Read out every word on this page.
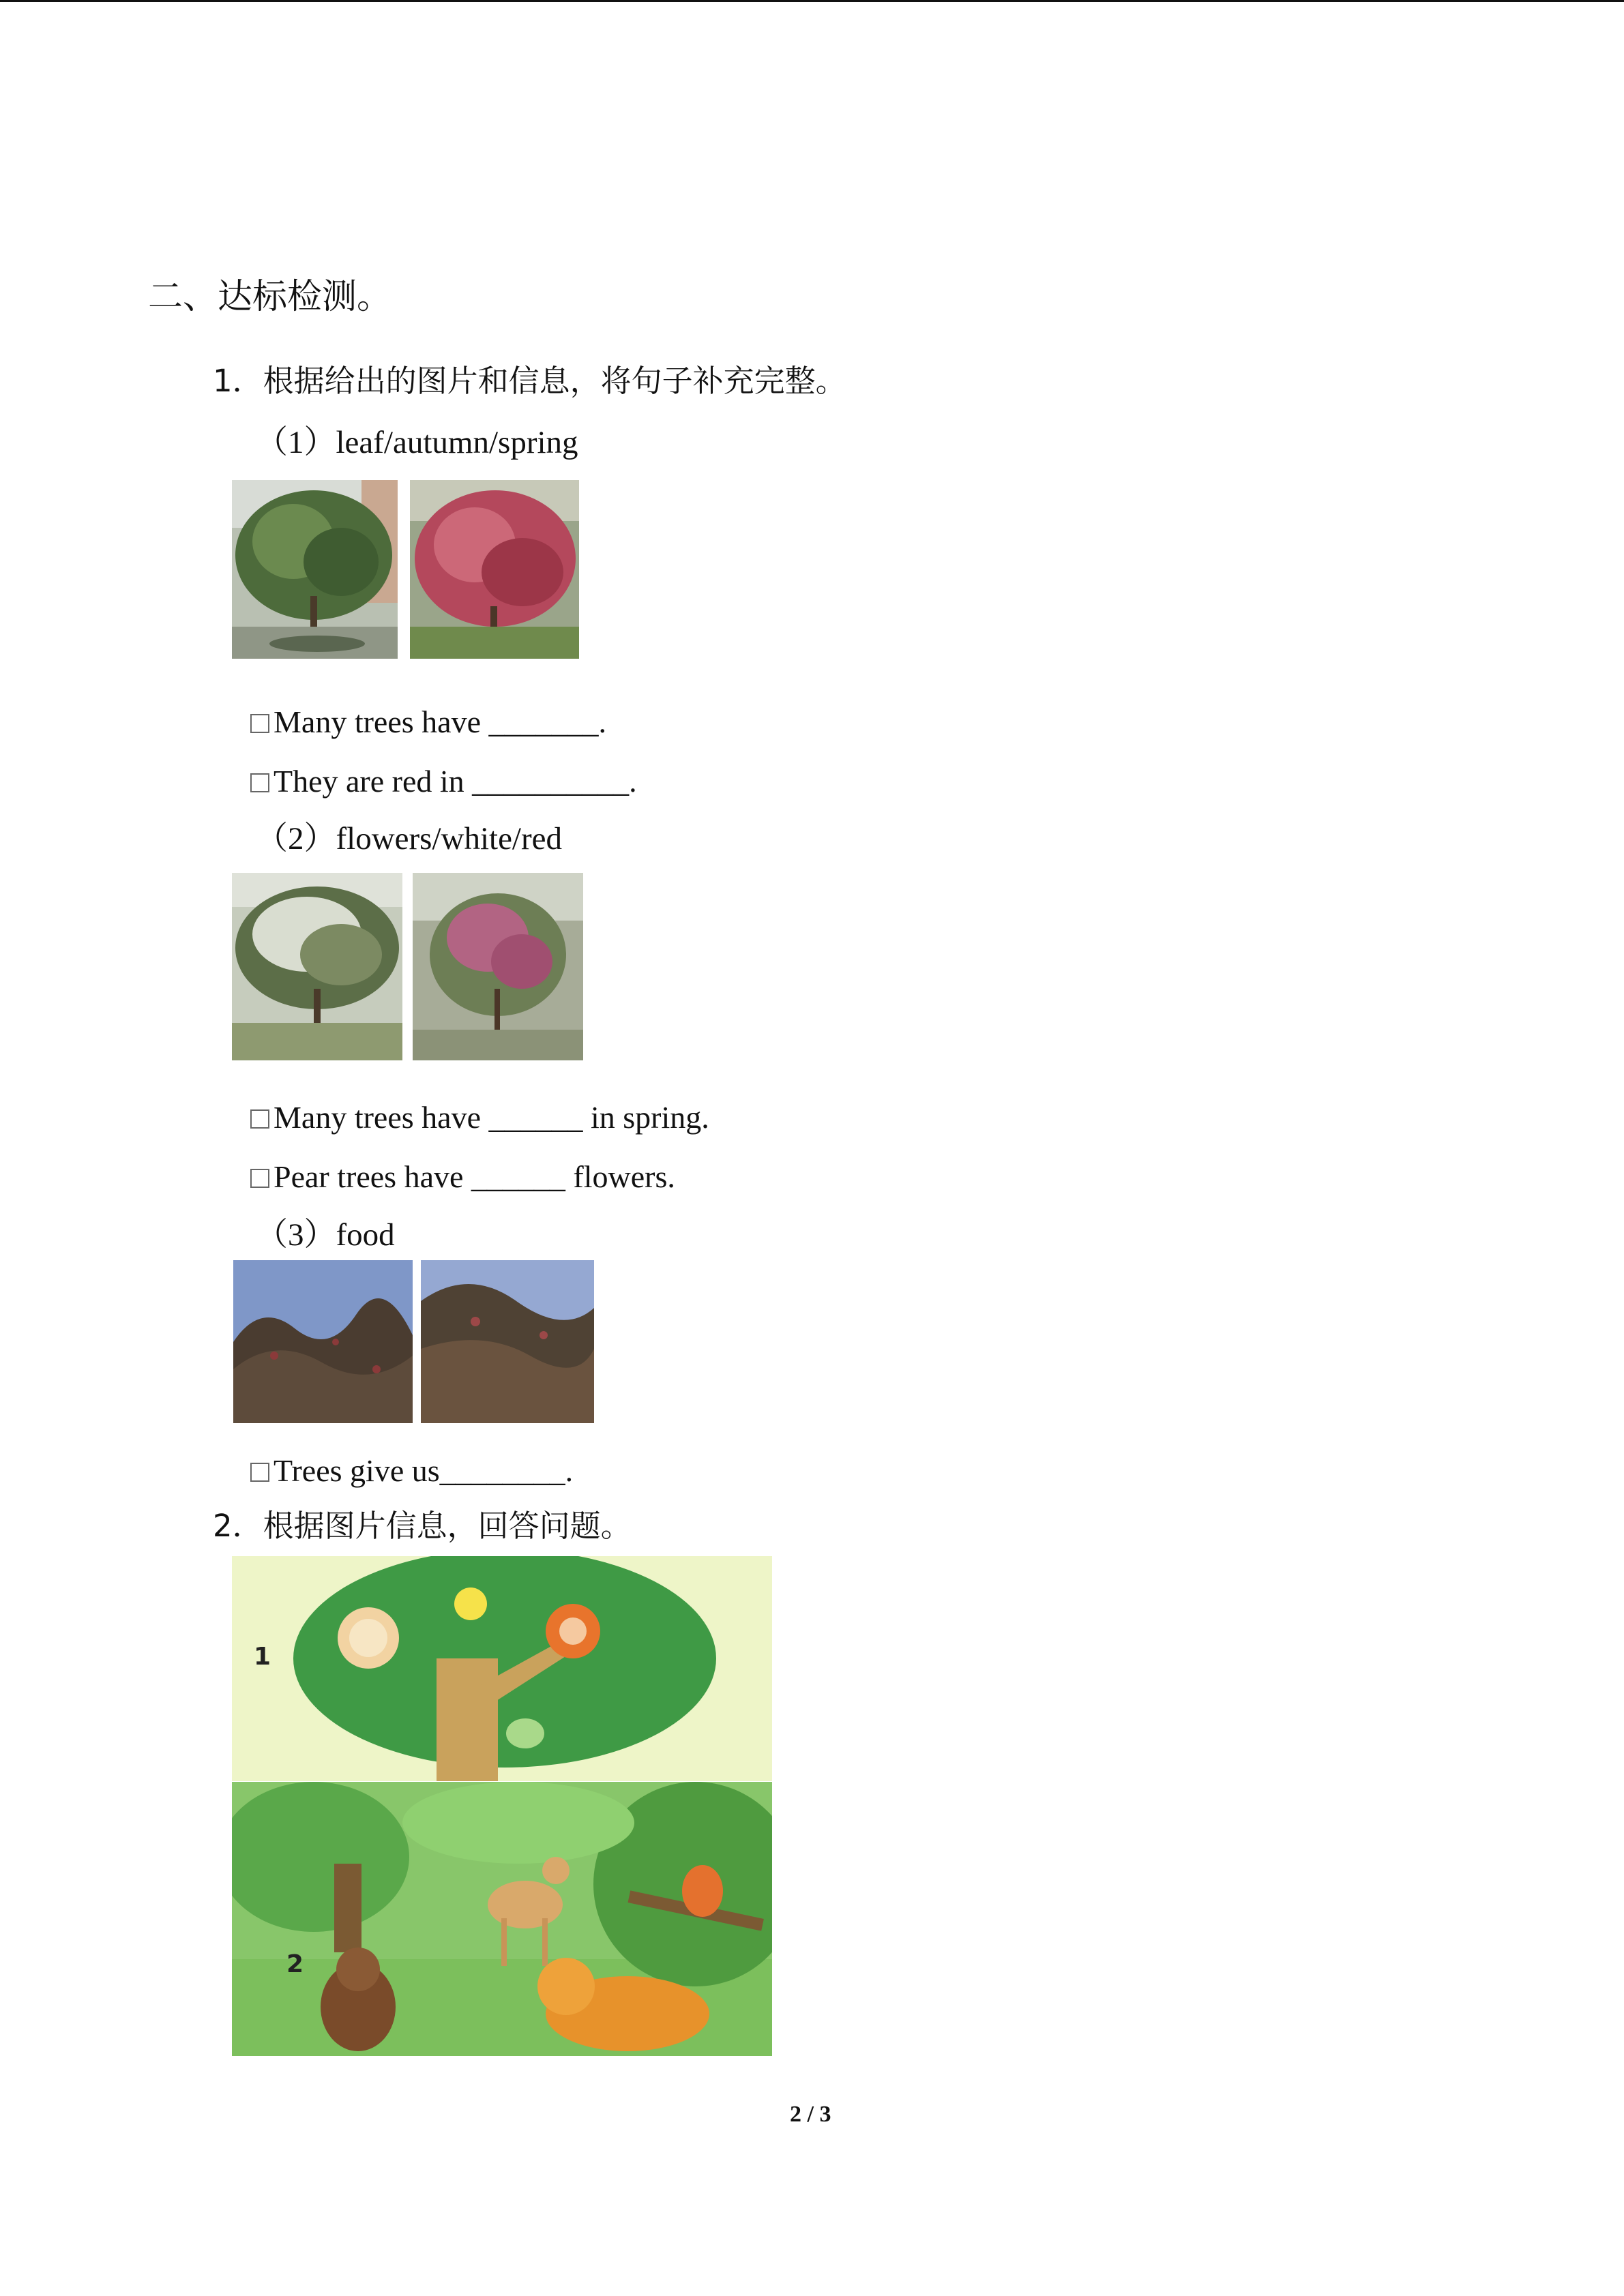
二、达标检测。
1．根据给出的图片和信息，将句子补充完整。
（1）leaf/autumn/spring
Many trees have _______.
They are red in __________.
（2）flowers/white/red
Many trees have ______ in spring.
Pear trees have ______ flowers.
（3）food
Trees give us________.
2．根据图片信息，回答问题。
1
2
2 / 3
